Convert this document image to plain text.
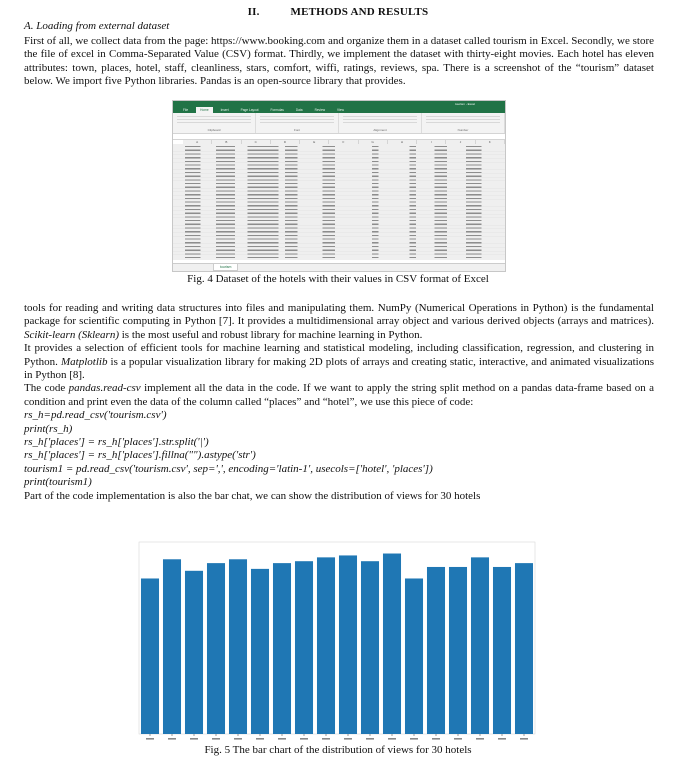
II.	METHODS AND RESULTS
A. Loading from external dataset
First of all, we collect data from the page: https://www.booking.com and organize them in a dataset called tourism in Excel. Secondly, we store the file of excel in Comma-Separated Value (CSV) format. Thirdly, we implement the dataset with thirty-eight movies. Each hotel has eleven attributes: town, places, hotel, staff, cleanliness, stars, comfort, wiffi, ratings, reviews, spa. There is a screenshot of the “tourism” dataset below. We import five Python libraries. Pandas is an open-source library that provides.
tourism - Excel
File	Home	Insert	Page Layout	Formulas	Data	Review	View
Clipboard	Font	Alignment	Number
A	B	C	D	E	F	G	H	I	J	K
tourism
Fig. 4 Dataset of the hotels with their values in CSV format of Excel
tools for reading and writing data structures into files and manipulating them. NumPy (Numerical Operations in Python) is the fundamental package for scientific computing in Python [7]. It provides a multidimensional array object and various derived objects (arrays and matrices). Scikit-learn (Sklearn) is the most useful and robust library for machine learning in Python.
It provides a selection of efficient tools for machine learning and statistical modeling, including classification, regression, and clustering in Python. Matplotlib is a popular visualization library for making 2D plots of arrays and creating static, interactive, and animated visualizations in Python [8].
The code pandas.read-csv implement all the data in the code. If we want to apply the string split method on a pandas data-frame based on a condition and print even the data of the column called “places” and “hotel”, we use this piece of code:
rs_h=pd.read_csv('tourism.csv')
print(rs_h)
rs_h['places'] = rs_h['places'].str.split('|')
rs_h['places'] = rs_h['places'].fillna("").astype('str')
tourism1 = pd.read_csv('tourism.csv', sep=',', encoding='latin-1', usecols=['hotel', 'places'])
print(tourism1)
Part of the code implementation is also the bar chat, we can show the distribution of views for 30 hotels
Fig. 5 The bar chart of the distribution of views for 30 hotels
